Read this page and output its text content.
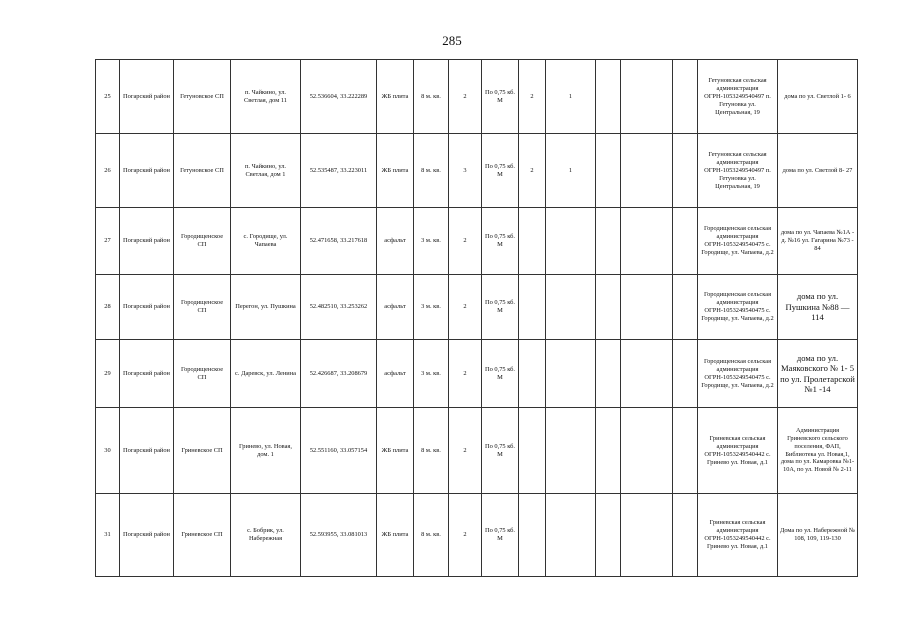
285
25	Погарский район	Гетуновское СП	п. Чайкино, ул. Светлая, дом 11	52.536604, 33.222289	ЖБ плита	8 м. кв.	2	По 0,75 кб. М	2	1				Гетуновская сельская администрация ОГРН-1053249540497 п. Гетуновка ул. Центральная, 19	дома по ул. Светлой 1- 6
26	Погарский район	Гетуновское СП	п. Чайкино, ул. Светлая, дом 1	52.535487, 33.223011	ЖБ плита	8 м. кв.	3	По 0,75 кб. М	2	1				Гетуновская сельская администрация ОГРН-1053249540497 п. Гетуновка ул. Центральная, 19	дома по ул. Светлой 8- 27
27	Погарский район	Городищенское СП	с. Городище, ул. Чапаева	52.471658, 33.217618	асфальт	3 м. кв.	2	По 0,75 кб. М						Городищенская сельская администрация ОГРН-1053249540475 с. Городище, ул. Чапаева, д.2	дома по ул. Чапаева №1А - д. №16 ул. Гагарина №73 - 84
28	Погарский район	Городищенское СП	Перегон, ул. Пушкина	52.482510, 33.253262	асфальт	3 м. кв.	2	По 0,75 кб. М						Городищенская сельская администрация ОГРН-1053249540475 с. Городище, ул. Чапаева, д.2	дома по ул. Пушкина №88 — 114
29	Погарский район	Городищенское СП	с. Даревск, ул. Ленина	52.426687, 33.208679	асфальт	3 м. кв.	2	По 0,75 кб. М						Городищенская сельская администрация ОГРН-1053249540475 с. Городище, ул. Чапаева, д.2	дома по ул. Маяковского № 1- 5 по ул. Пролетарской №1 -14
30	Погарский район	Гриневское СП	Гринево, ул. Новая, дом. 1	52.551160, 33.057154	ЖБ плита	8 м. кв.	2	По 0,75 кб. М						Гриневская сельская администрация ОГРН-1053249540442 с. Гринево ул. Новая, д.1	Администрация Гриневского сельского поселения, ФАП, Библиотека ул. Новая,1, дома по ул. Камаровка №1-10А, по ул. Новой № 2-11
31	Погарский район	Гриневское СП	с. Бобрик, ул. Набережная	52.593955, 33.081013	ЖБ плита	8 м. кв.	2	По 0,75 кб. М						Гриневская сельская администрация ОГРН-1053249540442 с. Гринево ул. Новая, д.1	Дома по ул. Набережной № 108, 109, 119-130
